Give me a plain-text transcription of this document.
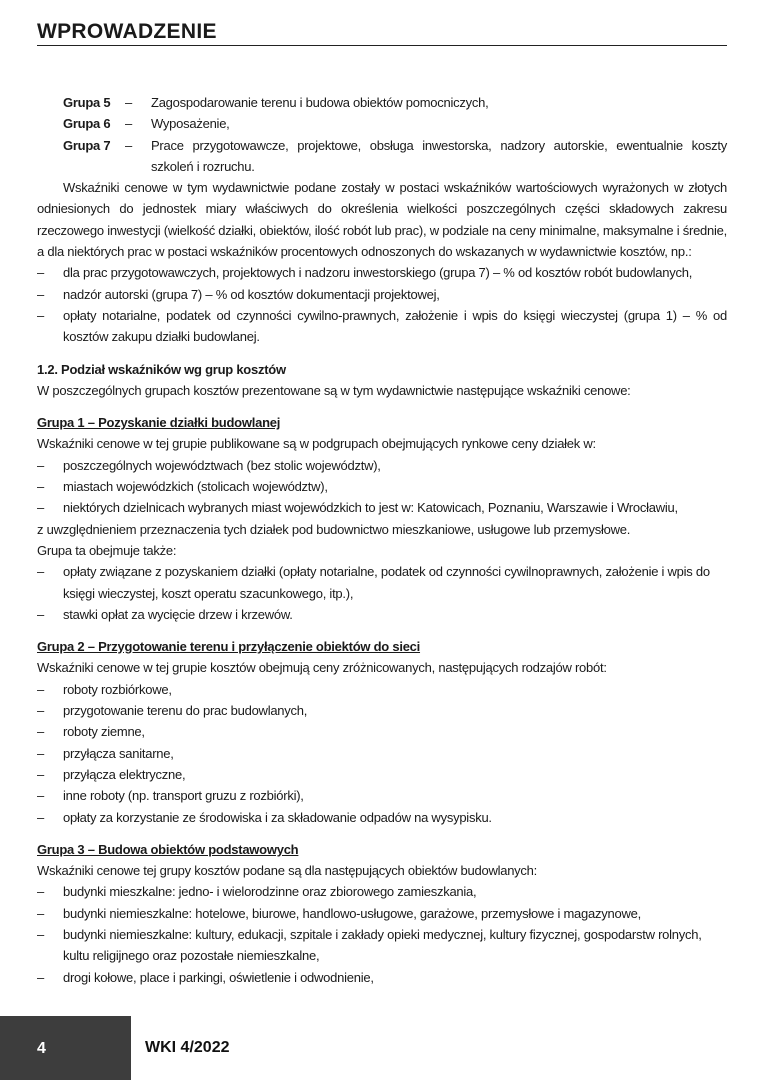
WPROWADZENIE
Grupa 5	–	Zagospodarowanie terenu i budowa obiektów pomocniczych,
Grupa 6	–	Wyposażenie,
Grupa 7	–	Prace przygotowawcze, projektowe, obsługa inwestorska, nadzory autorskie, ewentualnie koszty szkoleń i rozruchu.

Wskaźniki cenowe w tym wydawnictwie podane zostały w postaci wskaźników wartościowych wyrażonych w złotych odniesionych do jednostek miary właściwych do określenia wielkości poszczególnych części składowych zakresu rzeczowego inwestycji (wielkość działki, obiektów, ilość robót lub prac), w podziale na ceny minimalne, maksymalne i średnie, a dla niektórych prac w postaci wskaźników procentowych odnoszonych do wskazanych w wydawnictwie kosztów, np.:

–	dla prac przygotowawczych, projektowych i nadzoru inwestorskiego (grupa 7) – % od kosztów robót budowlanych,
–	nadzór autorski (grupa 7) – % od kosztów dokumentacji projektowej,
–	opłaty notarialne, podatek od czynności cywilno-prawnych, założenie i wpis do księgi wieczystej (grupa 1) – % od kosztów zakupu działki budowlanej.

1.2. Podział wskaźników wg grup kosztów

W poszczególnych grupach kosztów prezentowane są w tym wydawnictwie następujące wskaźniki cenowe:

Grupa 1 – Pozyskanie działki budowlanej

Wskaźniki cenowe w tej grupie publikowane są w podgrupach obejmujących rynkowe ceny działek w:

–	poszczególnych województwach (bez stolic województw),
–	miastach wojewódzkich (stolicach województw),
–	niektórych dzielnicach wybranych miast wojewódzkich to jest w: Katowicach, Poznaniu, Warszawie i Wrocławiu,

z uwzględnieniem przeznaczenia tych działek pod budownictwo mieszkaniowe, usługowe lub przemysłowe.

Grupa ta obejmuje także:

–	opłaty związane z pozyskaniem działki (opłaty notarialne, podatek od czynności cywilnoprawnych, założenie i wpis do księgi wieczystej, koszt operatu szacunkowego, itp.),
–	stawki opłat za wycięcie drzew i krzewów.

Grupa 2 – Przygotowanie terenu i przyłączenie obiektów do sieci

Wskaźniki cenowe w tej grupie kosztów obejmują ceny zróżnicowanych, następujących rodzajów robót:

–	roboty rozbiórkowe,
–	przygotowanie terenu do prac budowlanych,
–	roboty ziemne,
–	przyłącza sanitarne,
–	przyłącza elektryczne,
–	inne roboty (np. transport gruzu z rozbiórki),
–	opłaty za korzystanie ze środowiska i za składowanie odpadów na wysypisku.

Grupa 3 – Budowa obiektów podstawowych

Wskaźniki cenowe tej grupy kosztów podane są dla następujących obiektów budowlanych:

–	budynki mieszkalne: jedno- i wielorodzinne oraz zbiorowego zamieszkania,
–	budynki niemieszkalne: hotelowe, biurowe, handlowo-usługowe, garażowe, przemysłowe i magazynowe,
–	budynki niemieszkalne: kultury, edukacji, szpitale i zakłady opieki medycznej, kultury fizycznej, gospodarstw rolnych, kultu religijnego oraz pozostałe niemieszkalne,
–	drogi kołowe, place i parkingi, oświetlenie i odwodnienie,
4	WKI 4/2022
